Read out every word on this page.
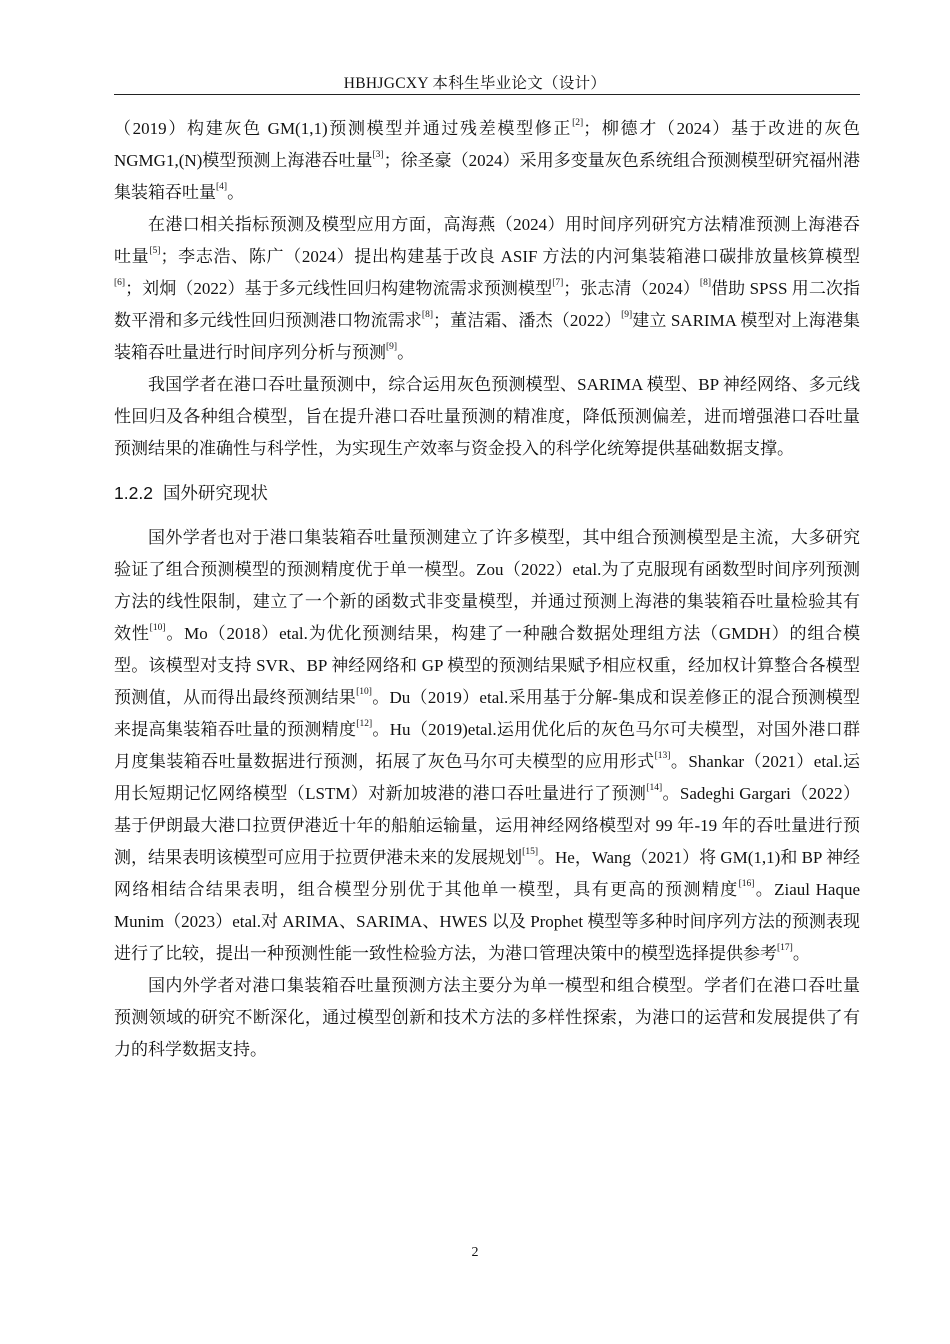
HBHJGCXY 本科生毕业论文（设计）

（2019）构建灰色 GM(1,1)预测模型并通过残差模型修正[2]；柳德才（2024）基于改进的灰色 NGMG1,(N)模型预测上海港吞吐量[3]；徐圣豪（2024）采用多变量灰色系统组合预测模型研究福州港集装箱吞吐量[4]。

在港口相关指标预测及模型应用方面，高海燕（2024）用时间序列研究方法精准预测上海港吞吐量[5]；李志浩、陈广（2024）提出构建基于改良 ASIF 方法的内河集装箱港口碳排放量核算模型[6]；刘炯（2022）基于多元线性回归构建物流需求预测模型[7]；张志清（2024）[8]借助 SPSS 用二次指数平滑和多元线性回归预测港口物流需求[8]；董洁霜、潘杰（2022）[9]建立 SARIMA 模型对上海港集装箱吞吐量进行时间序列分析与预测[9]。

我国学者在港口吞吐量预测中，综合运用灰色预测模型、SARIMA 模型、BP 神经网络、多元线性回归及各种组合模型，旨在提升港口吞吐量预测的精准度，降低预测偏差，进而增强港口吞吐量预测结果的准确性与科学性，为实现生产效率与资金投入的科学化统筹提供基础数据支撑。

1.2.2 国外研究现状

国外学者也对于港口集装箱吞吐量预测建立了许多模型，其中组合预测模型是主流，大多研究验证了组合预测模型的预测精度优于单一模型。Zou（2022）etal.为了克服现有函数型时间序列预测方法的线性限制，建立了一个新的函数式非变量模型，并通过预测上海港的集装箱吞吐量检验其有效性[10]。Mo（2018）etal.为优化预测结果，构建了一种融合数据处理组方法（GMDH）的组合模型。该模型对支持 SVR、BP 神经网络和 GP 模型的预测结果赋予相应权重，经加权计算整合各模型预测值，从而得出最终预测结果[10]。Du（2019）etal.采用基于分解-集成和误差修正的混合预测模型来提高集装箱吞吐量的预测精度[12]。Hu（2019)etal.运用优化后的灰色马尔可夫模型，对国外港口群月度集装箱吞吐量数据进行预测，拓展了灰色马尔可夫模型的应用形式[13]。Shankar（2021）etal.运用长短期记忆网络模型（LSTM）对新加坡港的港口吞吐量进行了预测[14]。Sadeghi Gargari（2022）基于伊朗最大港口拉贾伊港近十年的船舶运输量，运用神经网络模型对 99 年-19 年的吞吐量进行预测，结果表明该模型可应用于拉贾伊港未来的发展规划[15]。He，Wang（2021）将 GM(1,1)和 BP 神经网络相结合结果表明，组合模型分别优于其他单一模型，具有更高的预测精度[16]。Ziaul Haque Munim（2023）etal.对 ARIMA、SARIMA、HWES 以及 Prophet 模型等多种时间序列方法的预测表现进行了比较，提出一种预测性能一致性检验方法，为港口管理决策中的模型选择提供参考[17]。

国内外学者对港口集装箱吞吐量预测方法主要分为单一模型和组合模型。学者们在港口吞吐量预测领域的研究不断深化，通过模型创新和技术方法的多样性探索，为港口的运营和发展提供了有力的科学数据支持。

2
